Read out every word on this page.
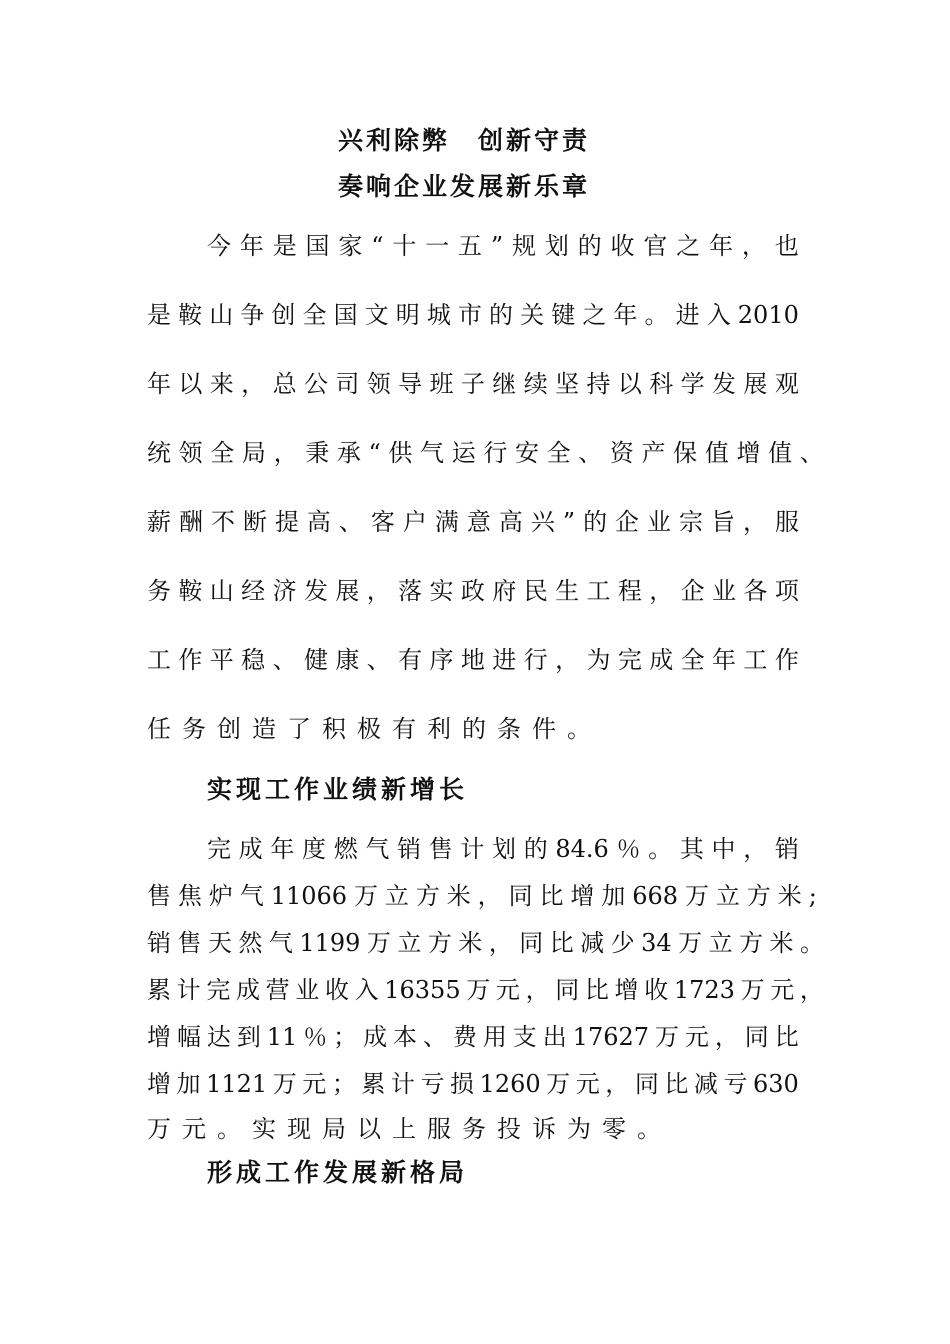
兴利除弊　创新守责
奏响企业发展新乐章
今 年 是 国 家 “ 十 一 五 ” 规 划 的 收 官 之 年 ， 也
是 鞍 山 争 创 全 国 文 明 城 市 的 关 键 之 年 。 进 入 2010
年 以 来 ， 总 公 司 领 导 班 子 继 续 坚 持 以 科 学 发 展 观
统 领 全 局 ， 秉 承 “ 供 气 运 行 安 全 、 资 产 保 值 增 值 、
薪 酬 不 断 提 高 、 客 户 满 意 高 兴 ” 的 企 业 宗 旨 ， 服
务 鞍 山 经 济 发 展 ， 落 实 政 府 民 生 工 程 ， 企 业 各 项
工 作 平 稳 、 健 康 、 有 序 地 进 行 ， 为 完 成 全 年 工 作
任务创造了积极有利的条件。
实现工作业绩新增长
完 成 年 度 燃 气 销 售 计 划 的 84.6 ％ 。 其 中 ， 销
售 焦 炉 气 11066 万 立 方 米 ， 同 比 增 加 668 万 立 方 米 ;
销 售 天 然 气 1199 万 立 方 米 ， 同 比 减 少 34 万 立 方 米 。
累 计 完 成 营 业 收 入 16355 万 元 ， 同 比 增 收 1723 万 元 ，
增 幅 达 到 11 ％ ； 成 本 、 费 用 支 出 17627 万 元 ， 同 比
增 加 1121 万 元 ； 累 计 亏 损 1260 万 元 ， 同 比 减 亏 630
万元。实现局以上服务投诉为零。
形成工作发展新格局
